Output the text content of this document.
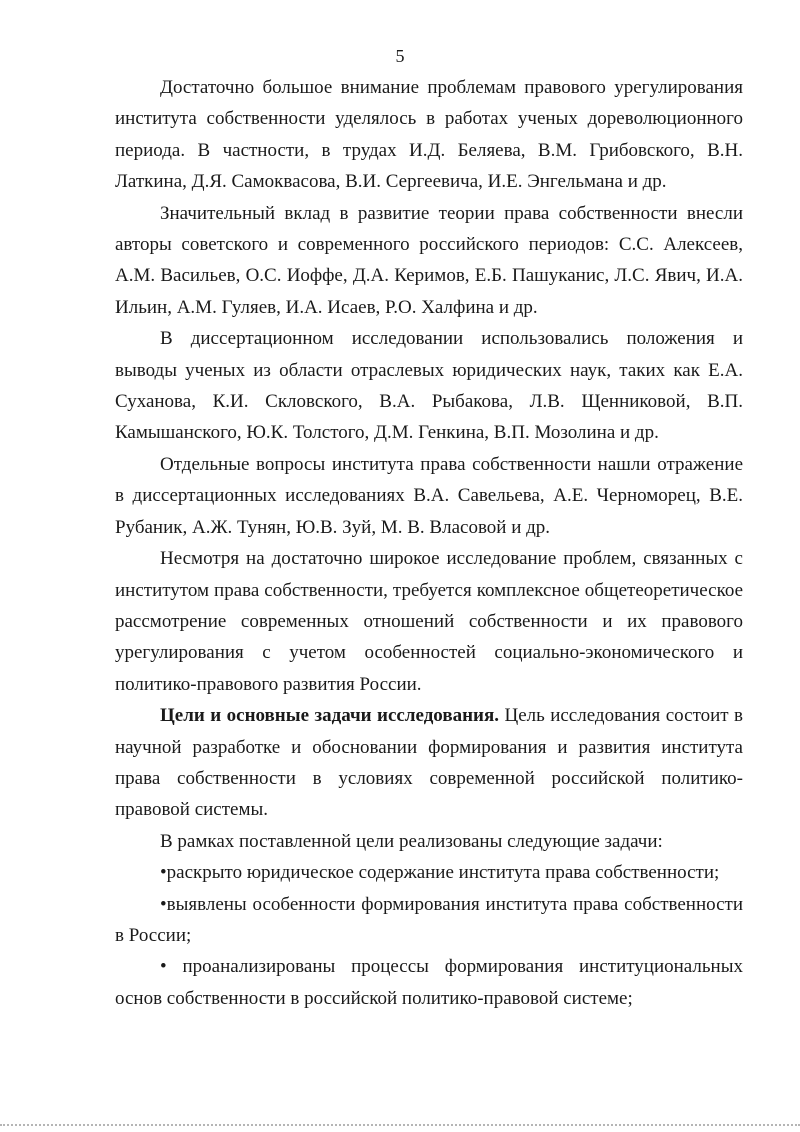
5

Достаточно большое внимание проблемам правового урегулирования института собственности уделялось в работах ученых дореволюционного периода. В частности, в трудах И.Д. Беляева, В.М. Грибовского, В.Н. Латкина, Д.Я. Самоквасова, В.И. Сергеевича, И.Е. Энгельмана и др.

Значительный вклад в развитие теории права собственности внесли авторы советского и современного российского периодов: С.С. Алексеев, А.М. Васильев, О.С. Иоффе, Д.А. Керимов, Е.Б. Пашуканис, Л.С. Явич, И.А. Ильин, А.М. Гуляев, И.А. Исаев, Р.О. Халфина и др.

В диссертационном исследовании использовались положения и выводы ученых из области отраслевых юридических наук, таких как Е.А. Суханова, К.И. Скловского, В.А. Рыбакова, Л.В. Щенниковой, В.П. Камышанского, Ю.К. Толстого, Д.М. Генкина, В.П. Мозолина и др.

Отдельные вопросы института права собственности нашли отражение в диссертационных исследованиях В.А. Савельева, А.Е. Черноморец, В.Е. Рубаник, А.Ж. Тунян, Ю.В. Зуй, М. В. Власовой и др.

Несмотря на достаточно широкое исследование проблем, связанных с институтом права собственности, требуется комплексное общетеоретическое рассмотрение современных отношений собственности и их правового урегулирования с учетом особенностей социально-экономического и политико-правового развития России.

Цели и основные задачи исследования. Цель исследования состоит в научной разработке и обосновании формирования и развития института права собственности в условиях современной российской политико-правовой системы.

В рамках поставленной цели реализованы следующие задачи:

•раскрыто юридическое содержание института права собственности;

•выявлены особенности формирования института права собственности в России;

• проанализированы процессы формирования институциональных основ собственности в российской политико-правовой системе;
